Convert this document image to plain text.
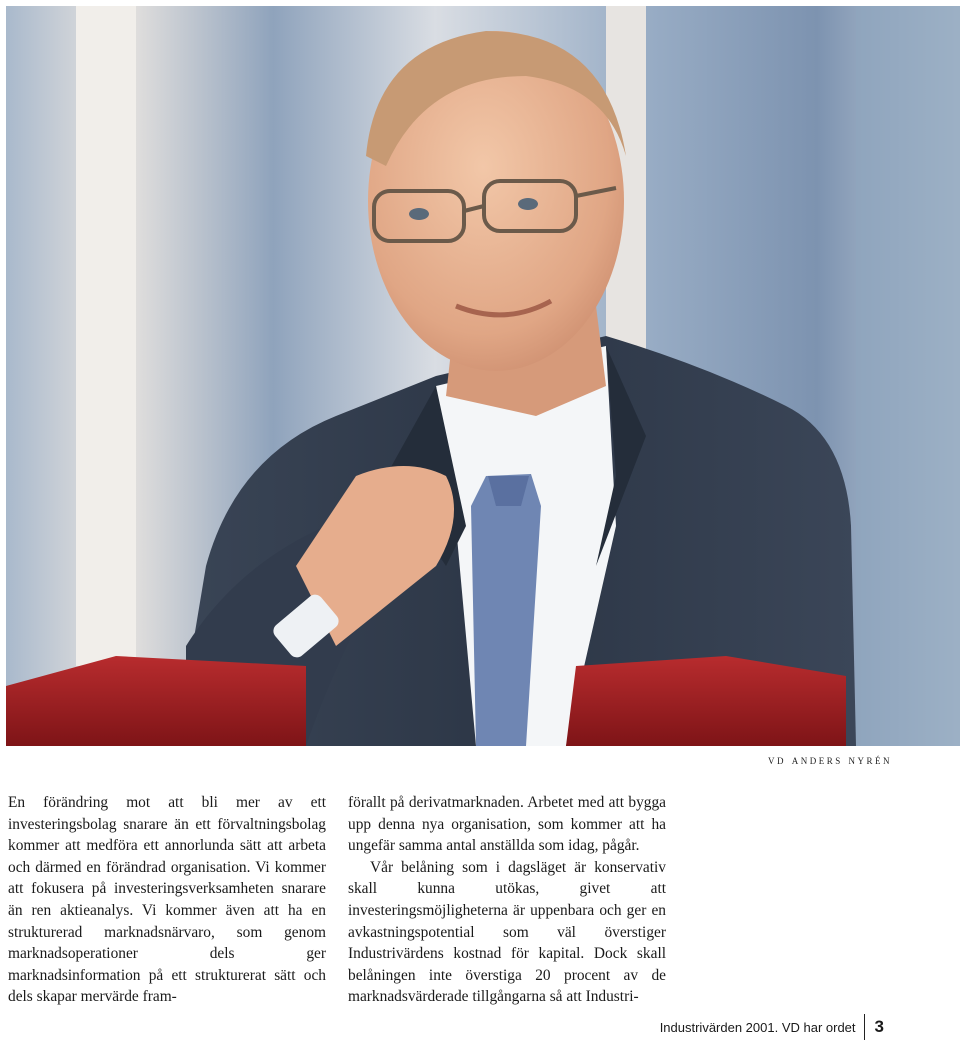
vd anders nyrén

En förändring mot att bli mer av ett investeringsbolag snarare än ett förvaltningsbolag kommer att medföra ett annorlunda sätt att arbeta och därmed en förändrad organisation. Vi kommer att fokusera på investeringsverksamheten snarare än ren aktieanalys. Vi kommer även att ha en strukturerad marknadsnärvaro, som genom marknadsoperationer dels ger marknadsinformation på ett strukturerat sätt och dels skapar mervärde fram-

förallt på derivatmarknaden. Arbetet med att bygga upp denna nya organisation, som kommer att ha ungefär samma antal anställda som idag, pågår.

Vår belåning som i dagsläget är konservativ skall kunna utökas, givet att investeringsmöjligheterna är uppenbara och ger en avkastningspotential som väl överstiger Industrivärdens kostnad för kapital. Dock skall belåningen inte överstiga 20 procent av de marknadsvärderade tillgångarna så att Industri-

Industrivärden 2001. VD har ordet 3
